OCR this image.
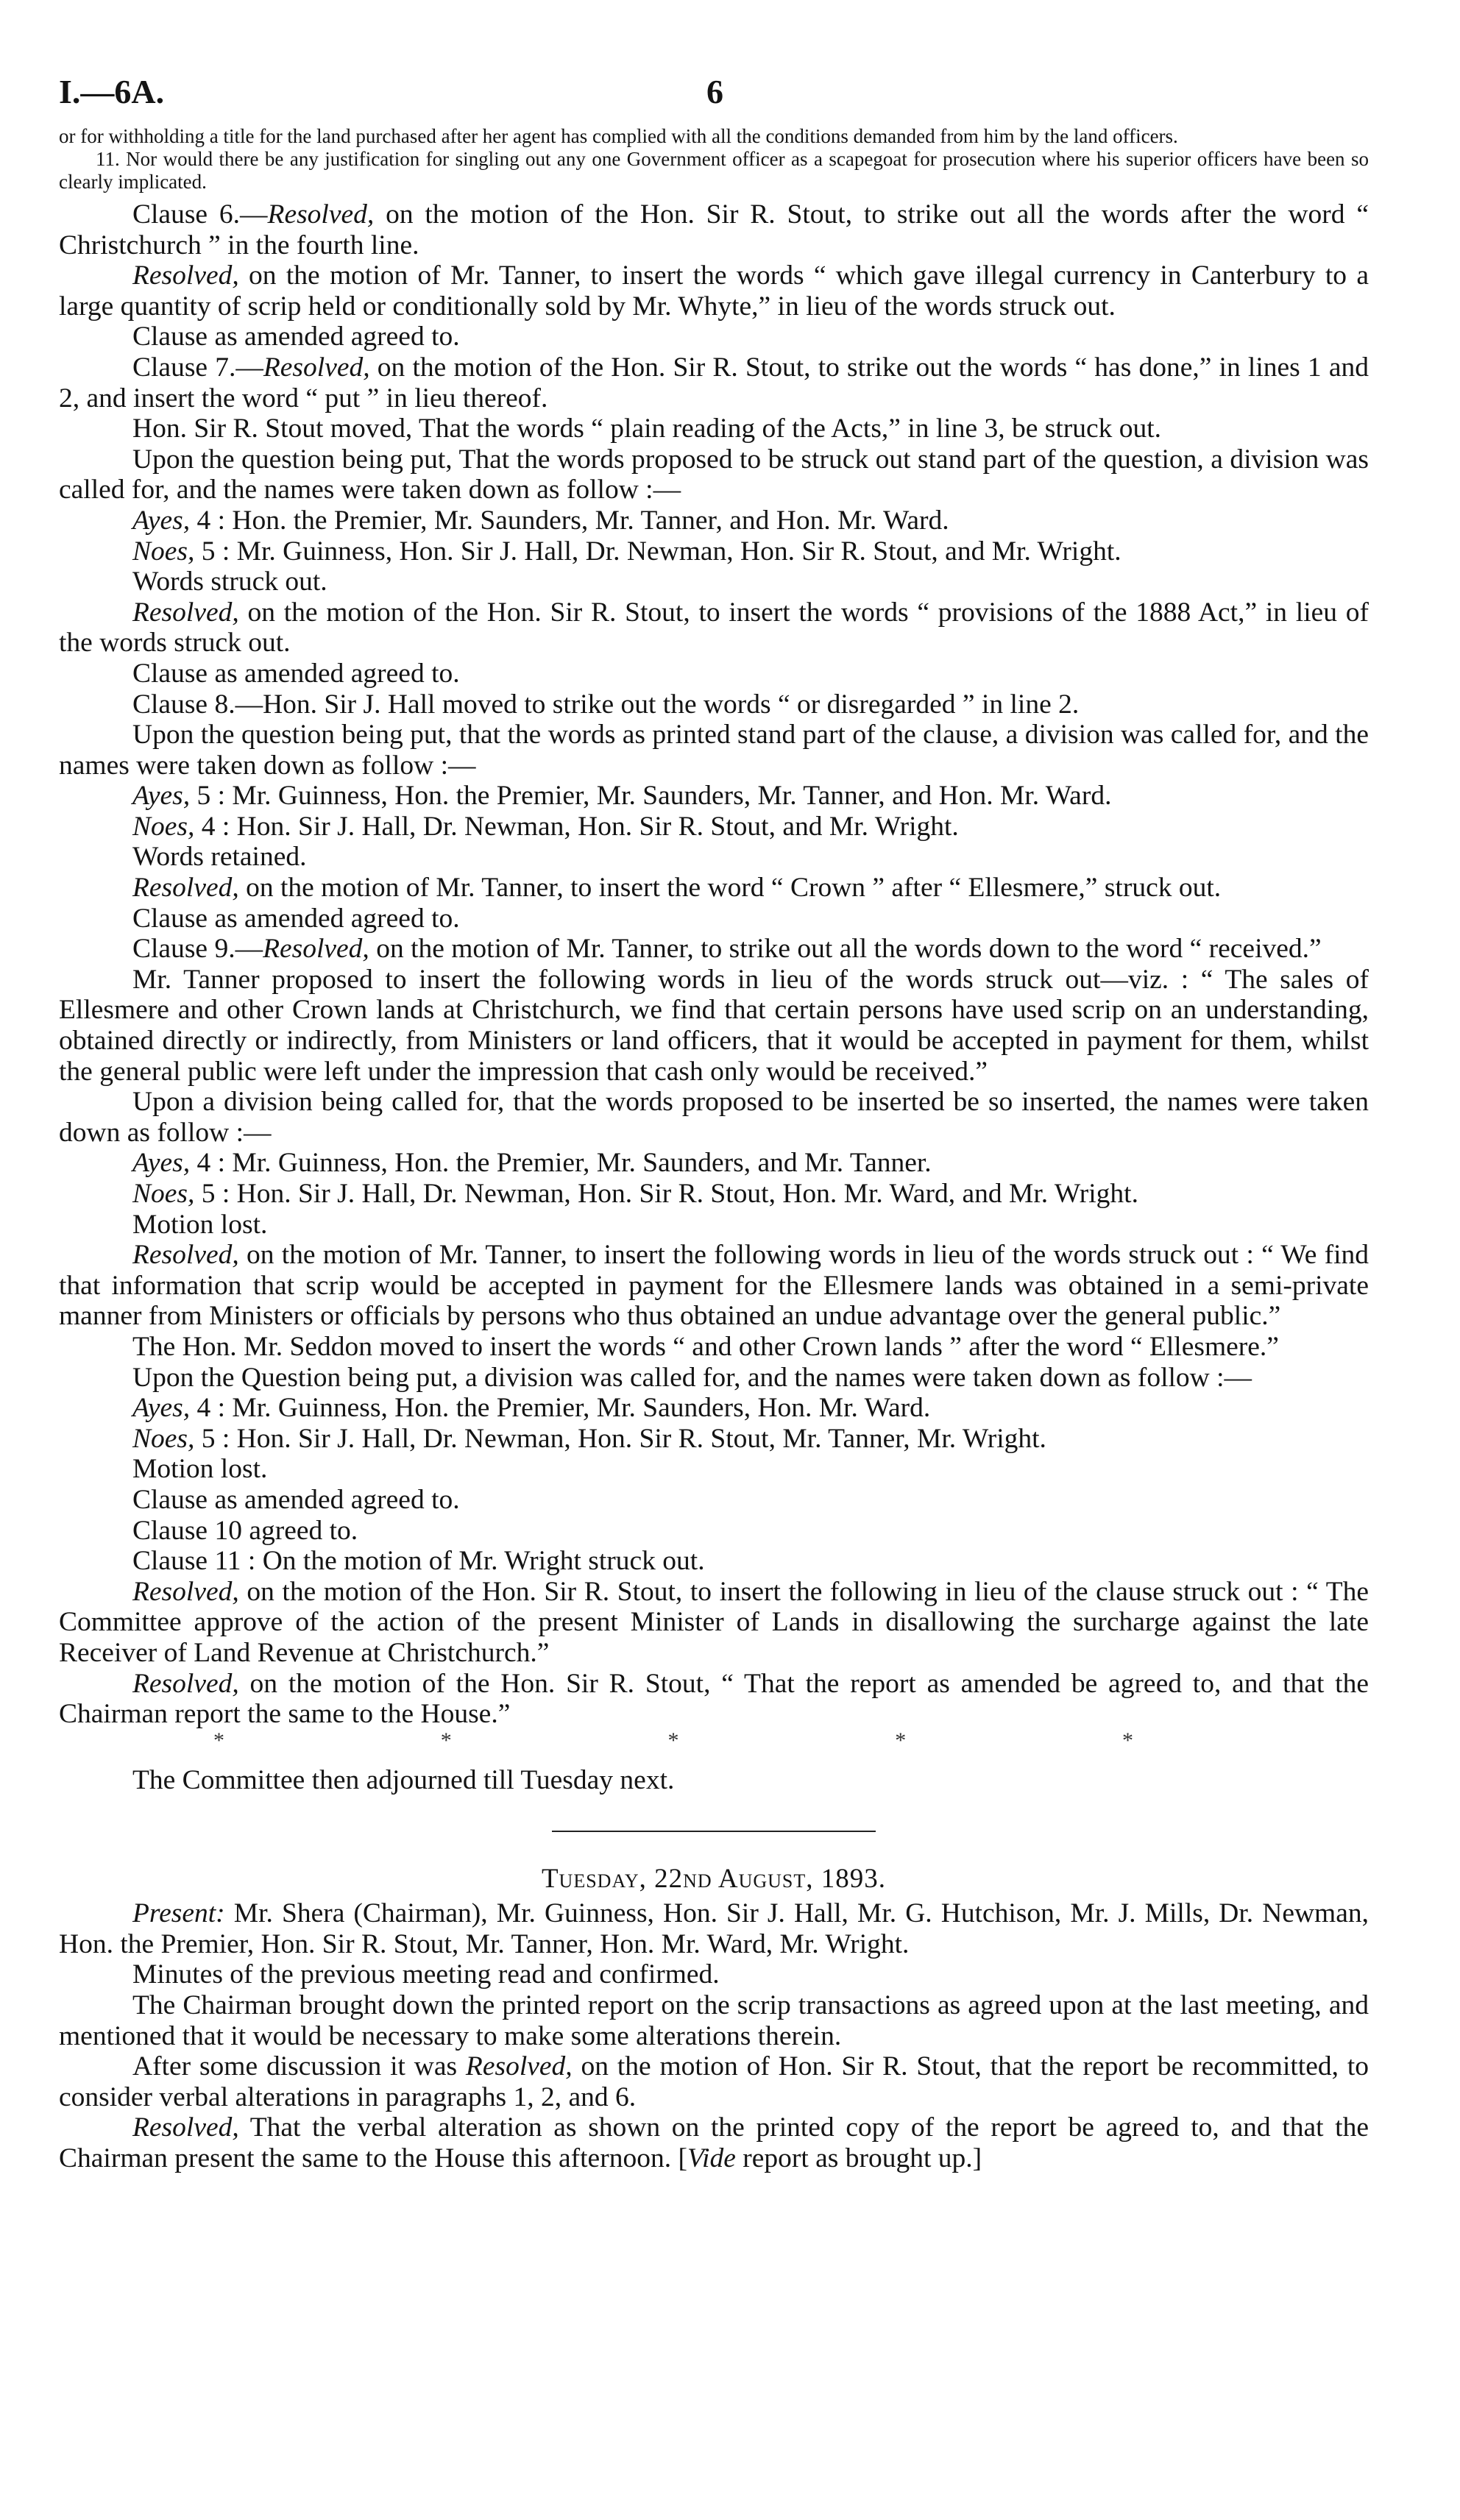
I.—6A.	6

or for withholding a title for the land purchased after her agent has complied with all the conditions demanded from him by the land officers.

11. Nor would there be any justification for singling out any one Government officer as a scapegoat for prosecution where his superior officers have been so clearly implicated.

Clause 6.—Resolved, on the motion of the Hon. Sir R. Stout, to strike out all the words after the word “ Christchurch ” in the fourth line.

Resolved, on the motion of Mr. Tanner, to insert the words “ which gave illegal currency in Canterbury to a large quantity of scrip held or conditionally sold by Mr. Whyte,” in lieu of the words struck out.

Clause as amended agreed to.

Clause 7.—Resolved, on the motion of the Hon. Sir R. Stout, to strike out the words “ has done,” in lines 1 and 2, and insert the word “ put ” in lieu thereof.

Hon. Sir R. Stout moved, That the words “ plain reading of the Acts,” in line 3, be struck out.

Upon the question being put, That the words proposed to be struck out stand part of the question, a division was called for, and the names were taken down as follow :—

Ayes, 4 : Hon. the Premier, Mr. Saunders, Mr. Tanner, and Hon. Mr. Ward.

Noes, 5 : Mr. Guinness, Hon. Sir J. Hall, Dr. Newman, Hon. Sir R. Stout, and Mr. Wright.

Words struck out.

Resolved, on the motion of the Hon. Sir R. Stout, to insert the words “ provisions of the 1888 Act,” in lieu of the words struck out.

Clause as amended agreed to.

Clause 8.—Hon. Sir J. Hall moved to strike out the words “ or disregarded ” in line 2.

Upon the question being put, that the words as printed stand part of the clause, a division was called for, and the names were taken down as follow :—

Ayes, 5 : Mr. Guinness, Hon. the Premier, Mr. Saunders, Mr. Tanner, and Hon. Mr. Ward.

Noes, 4 : Hon. Sir J. Hall, Dr. Newman, Hon. Sir R. Stout, and Mr. Wright.

Words retained.

Resolved, on the motion of Mr. Tanner, to insert the word “ Crown ” after “ Ellesmere,” struck out.

Clause as amended agreed to.

Clause 9.—Resolved, on the motion of Mr. Tanner, to strike out all the words down to the word “ received.”

Mr. Tanner proposed to insert the following words in lieu of the words struck out—viz. : “ The sales of Ellesmere and other Crown lands at Christchurch, we find that certain persons have used scrip on an understanding, obtained directly or indirectly, from Ministers or land officers, that it would be accepted in payment for them, whilst the general public were left under the impression that cash only would be received.”

Upon a division being called for, that the words proposed to be inserted be so inserted, the names were taken down as follow :—

Ayes, 4 : Mr. Guinness, Hon. the Premier, Mr. Saunders, and Mr. Tanner.

Noes, 5 : Hon. Sir J. Hall, Dr. Newman, Hon. Sir R. Stout, Hon. Mr. Ward, and Mr. Wright.

Motion lost.

Resolved, on the motion of Mr. Tanner, to insert the following words in lieu of the words struck out : “ We find that information that scrip would be accepted in payment for the Ellesmere lands was obtained in a semi-private manner from Ministers or officials by persons who thus obtained an undue advantage over the general public.”

The Hon. Mr. Seddon moved to insert the words “ and other Crown lands ” after the word “ Ellesmere.”

Upon the Question being put, a division was called for, and the names were taken down as follow :—

Ayes, 4 : Mr. Guinness, Hon. the Premier, Mr. Saunders, Hon. Mr. Ward.

Noes, 5 : Hon. Sir J. Hall, Dr. Newman, Hon. Sir R. Stout, Mr. Tanner, Mr. Wright.

Motion lost.

Clause as amended agreed to.

Clause 10 agreed to.

Clause 11 : On the motion of Mr. Wright struck out.

Resolved, on the motion of the Hon. Sir R. Stout, to insert the following in lieu of the clause struck out : “ The Committee approve of the action of the present Minister of Lands in disallowing the surcharge against the late Receiver of Land Revenue at Christchurch.”

Resolved, on the motion of the Hon. Sir R. Stout, “ That the report as amended be agreed to, and that the Chairman report the same to the House.”

*	*	*	*	*

The Committee then adjourned till Tuesday next.

Tuesday, 22nd August, 1893.

Present: Mr. Shera (Chairman), Mr. Guinness, Hon. Sir J. Hall, Mr. G. Hutchison, Mr. J. Mills, Dr. Newman, Hon. the Premier, Hon. Sir R. Stout, Mr. Tanner, Hon. Mr. Ward, Mr. Wright.

Minutes of the previous meeting read and confirmed.

The Chairman brought down the printed report on the scrip transactions as agreed upon at the last meeting, and mentioned that it would be necessary to make some alterations therein.

After some discussion it was Resolved, on the motion of Hon. Sir R. Stout, that the report be recommitted, to consider verbal alterations in paragraphs 1, 2, and 6.

Resolved, That the verbal alteration as shown on the printed copy of the report be agreed to, and that the Chairman present the same to the House this afternoon. [Vide report as brought up.]
